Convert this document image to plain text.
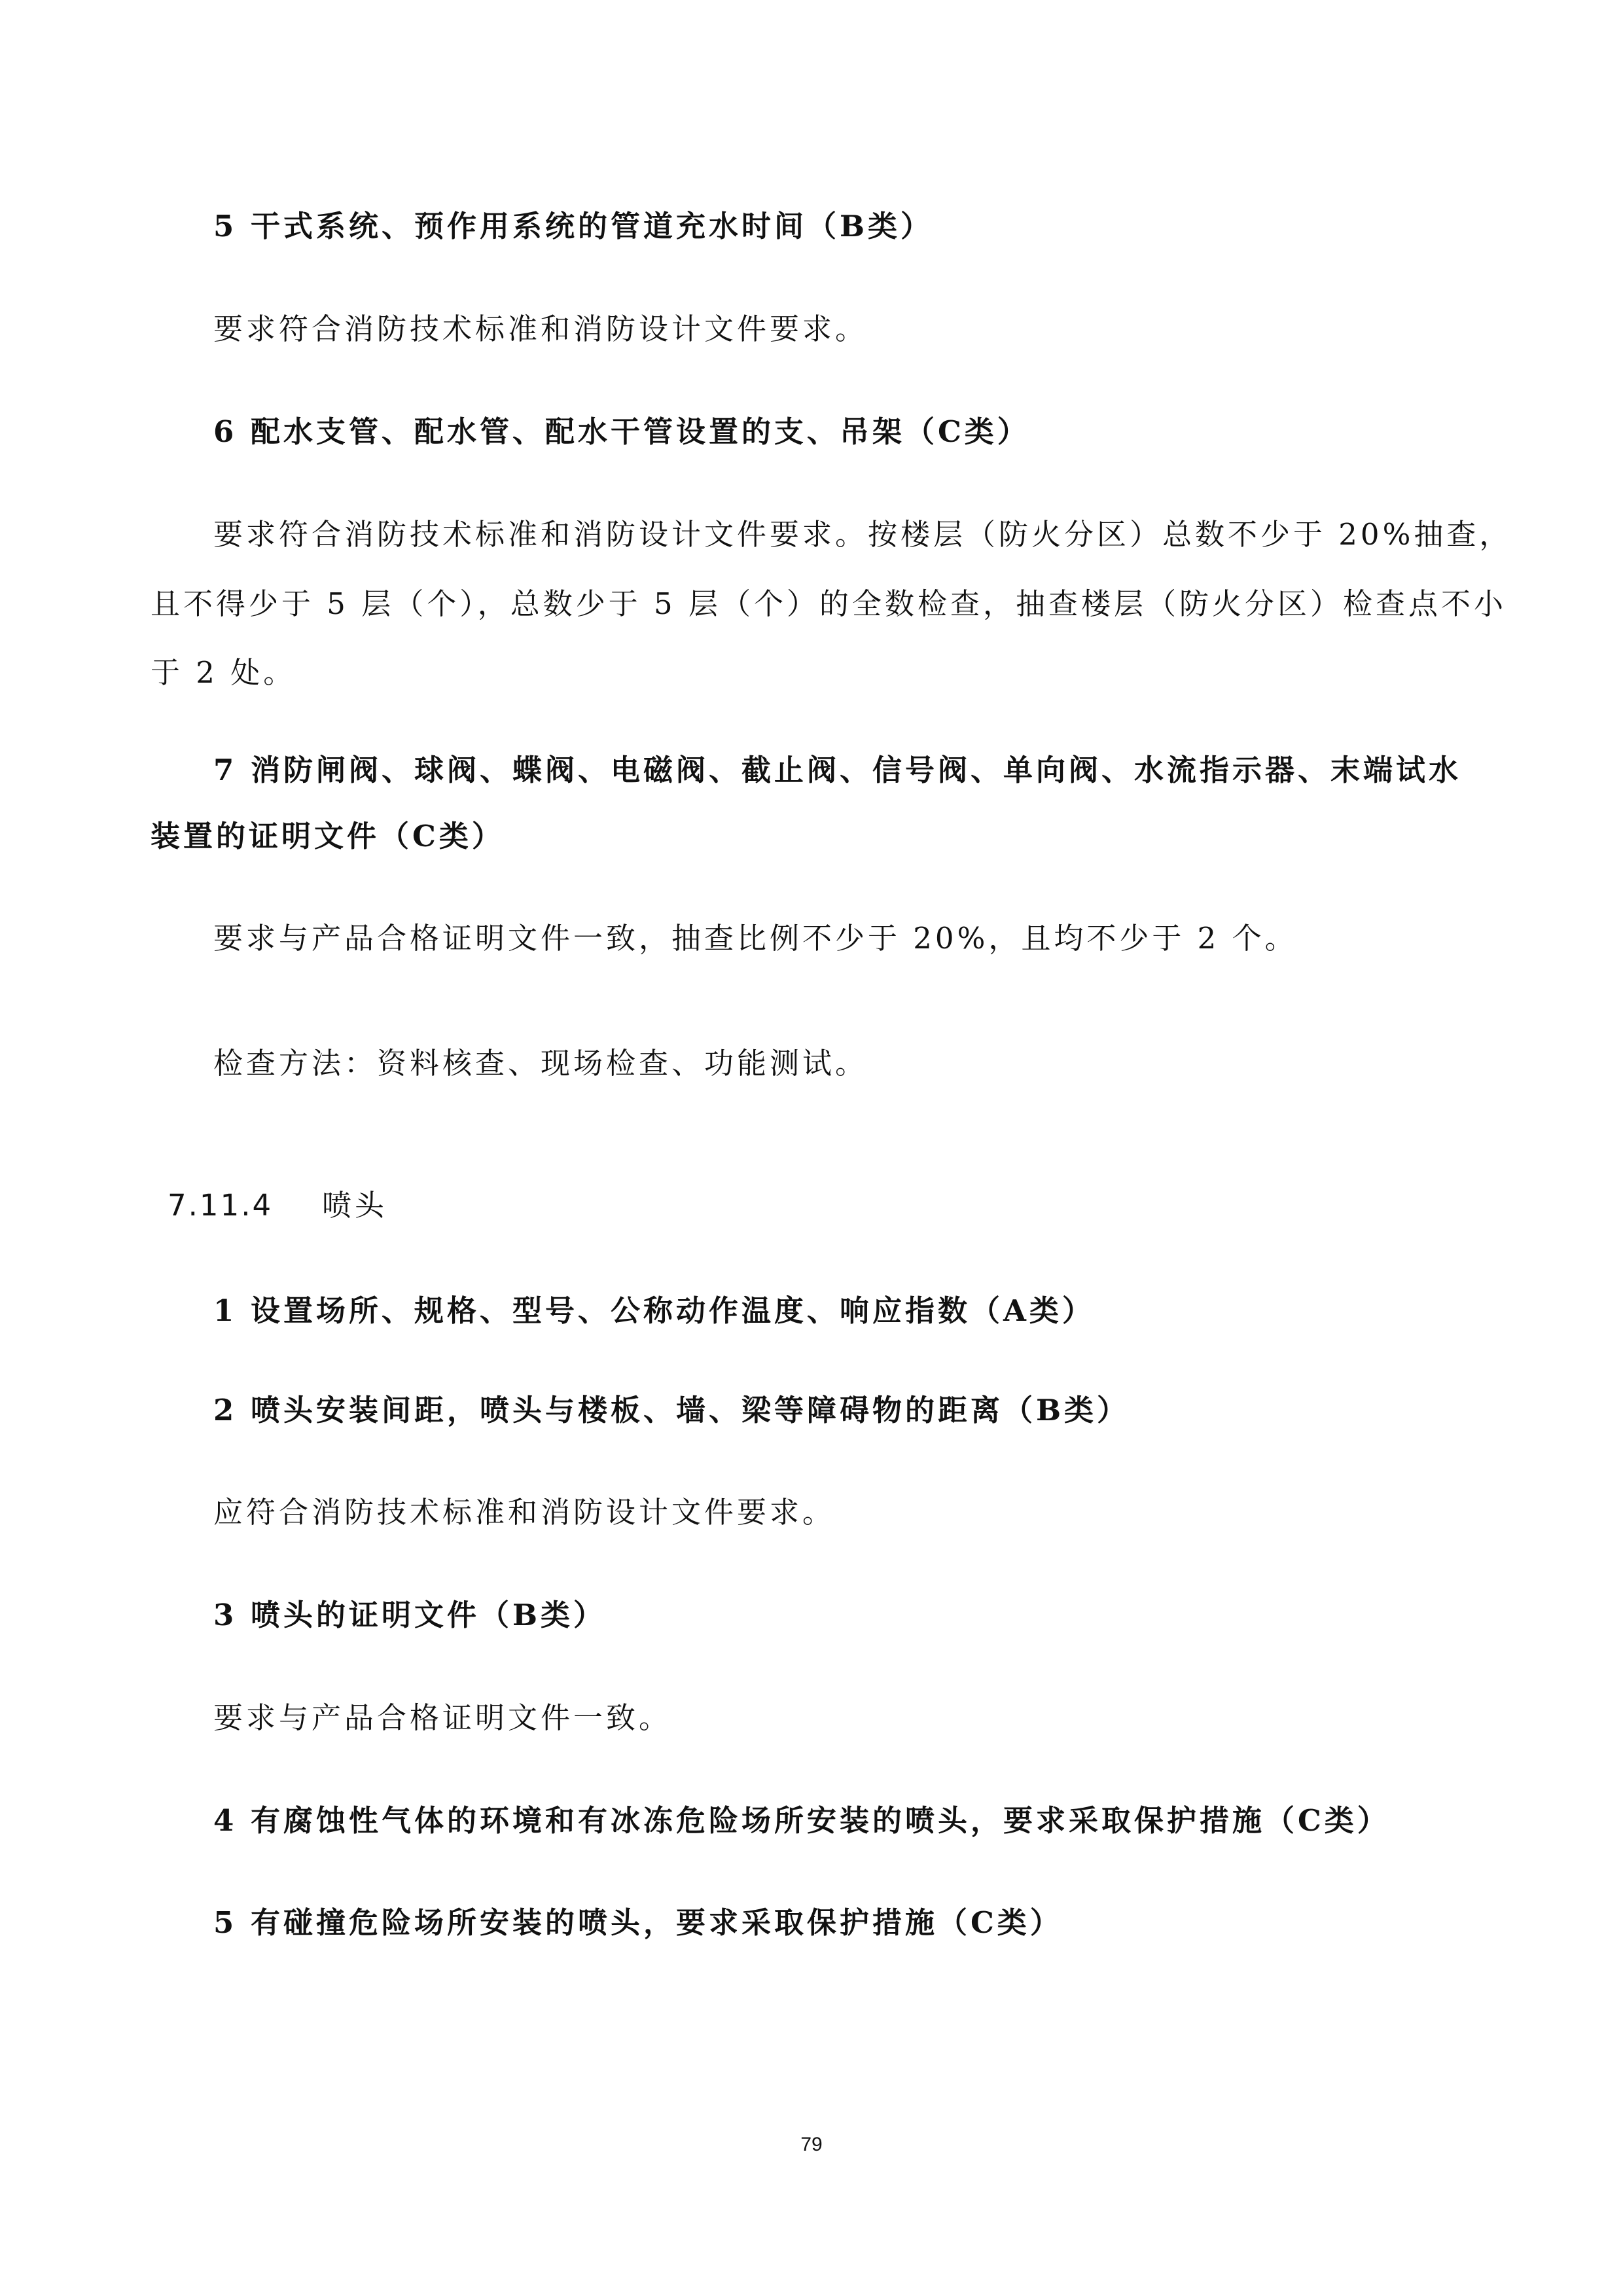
5 干式系统、预作用系统的管道充水时间（B类）
要求符合消防技术标准和消防设计文件要求。
6 配水支管、配水管、配水干管设置的支、吊架（C类）
要求符合消防技术标准和消防设计文件要求。按楼层（防火分区）总数不少于 20%抽查，
且不得少于 5 层（个），总数少于 5 层（个）的全数检查，抽查楼层（防火分区）检查点不小
于 2 处。
7 消防闸阀、球阀、蝶阀、电磁阀、截止阀、信号阀、单向阀、水流指示器、末端试水
装置的证明文件（C类）
要求与产品合格证明文件一致，抽查比例不少于 20%，且均不少于 2 个。
检查方法：资料核查、现场检查、功能测试。
7.11.4 喷头
1 设置场所、规格、型号、公称动作温度、响应指数（A类）
2 喷头安装间距，喷头与楼板、墙、梁等障碍物的距离（B类）
应符合消防技术标准和消防设计文件要求。
3 喷头的证明文件（B类）
要求与产品合格证明文件一致。
4 有腐蚀性气体的环境和有冰冻危险场所安装的喷头，要求采取保护措施（C类）
5 有碰撞危险场所安装的喷头，要求采取保护措施（C类）
79
